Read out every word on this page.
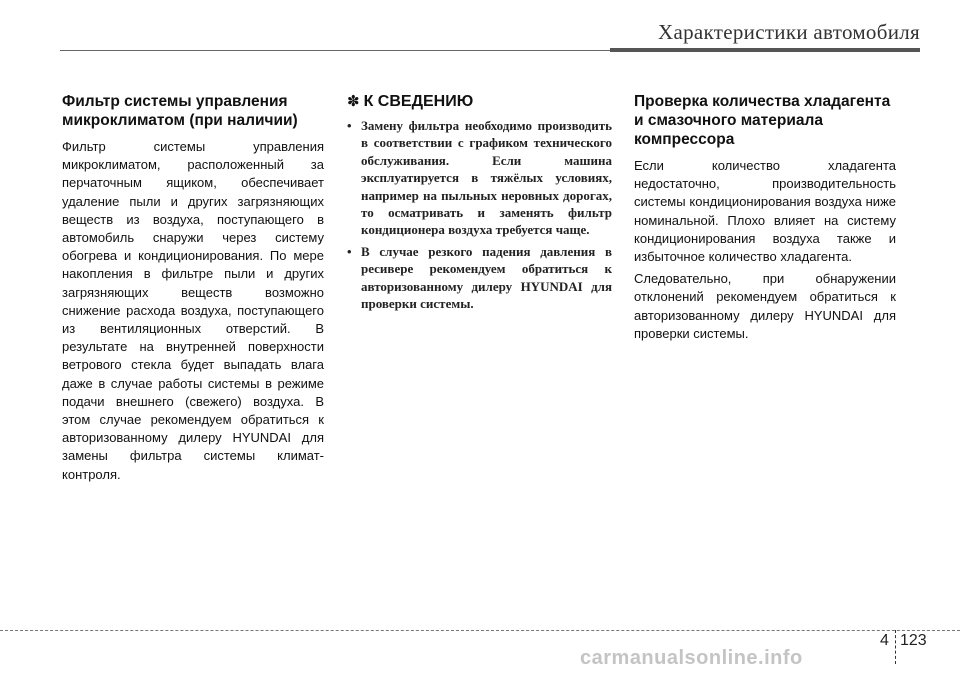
Характеристики автомобиля
Фильтр системы управления микроклиматом (при наличии)

Фильтр системы управления микроклиматом, расположенный за перчаточным ящиком, обеспечивает удаление пыли и других загрязняющих веществ из воздуха, поступающего в автомобиль снаружи через систему обогрева и кондиционирования. По мере накопления в фильтре пыли и других загрязняющих веществ возможно снижение расхода воздуха, поступающего из вентиляционных отверстий. В результате на внутренней поверхности ветрового стекла будет выпадать влага даже в случае работы системы в режиме подачи внешнего (свежего) воздуха. В этом случае рекомендуем обратиться к авторизованному дилеру HYUNDAI для замены фильтра системы климат-контроля.

✽ К СВЕДЕНИЮ
• Замену фильтра необходимо производить в соответствии с графиком технического обслуживания. Если машина эксплуатируется в тяжёлых условиях, например на пыльных неровных дорогах, то осматривать и заменять фильтр кондиционера воздуха требуется чаще.
• В случае резкого падения давления в ресивере рекомендуем обратиться к авторизованному дилеру HYUNDAI для проверки системы.
Проверка количества хладагента и смазочного материала компрессора

Если количество хладагента недостаточно, производительность системы кондиционирования воздуха ниже номинальной. Плохо влияет на систему кондиционирования воздуха также и избыточное количество хладагента.

Следовательно, при обнаружении отклонений рекомендуем обратиться к авторизованному дилеру HYUNDAI для проверки системы.

4 123
carmanualsonline.info
